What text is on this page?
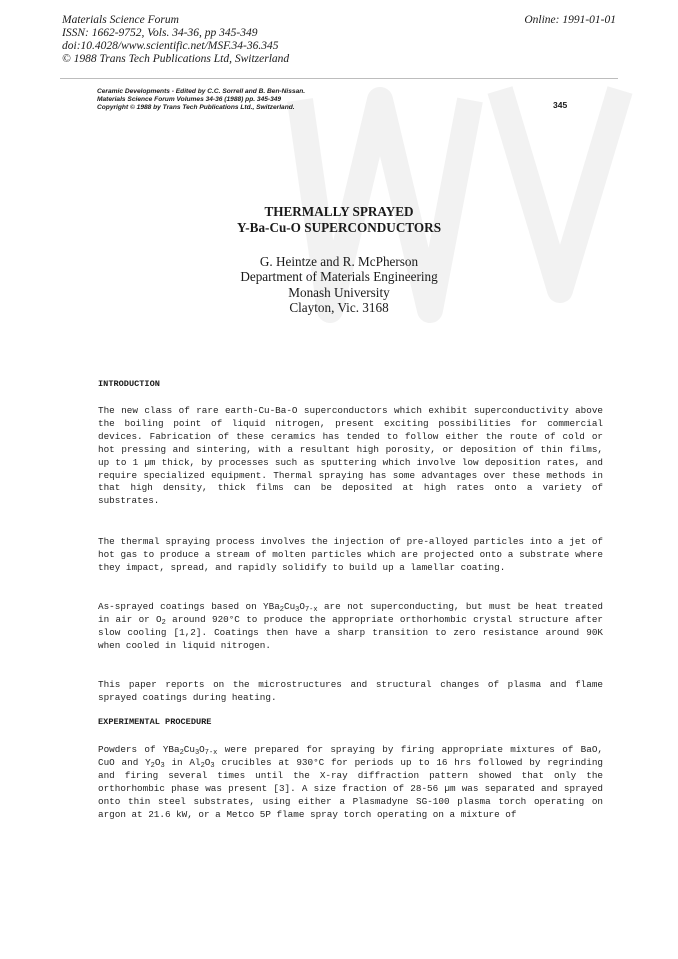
Materials Science Forum
ISSN: 1662-9752, Vols. 34-36, pp 345-349
doi:10.4028/www.scientific.net/MSF.34-36.345
© 1988 Trans Tech Publications Ltd, Switzerland
Online: 1991-01-01
Ceramic Developments - Edited by C.C. Sorrell and B. Ben-Nissan.
Materials Science Forum Volumes 34-36 (1988) pp. 345-349
Copyright © 1988 by Trans Tech Publications Ltd., Switzerland.	345
THERMALLY SPRAYED
Y-Ba-Cu-O SUPERCONDUCTORS
G. Heintze and R. McPherson
Department of Materials Engineering
Monash University
Clayton, Vic. 3168
INTRODUCTION

The new class of rare earth-Cu-Ba-O superconductors which exhibit superconductivity above the boiling point of liquid nitrogen, present exciting possibilities for commercial devices. Fabrication of these ceramics has tended to follow either the route of cold or hot pressing and sintering, with a resultant high porosity, or deposition of thin films, up to 1 µm thick, by processes such as sputtering which involve low deposition rates, and require specialized equipment. Thermal spraying has some advantages over these methods in that high density, thick films can be deposited at high rates onto a variety of substrates.

The thermal spraying process involves the injection of pre-alloyed particles into a jet of hot gas to produce a stream of molten particles which are projected onto a substrate where they impact, spread, and rapidly solidify to build up a lamellar coating.

As-sprayed coatings based on $YBa_2Cu_3O_{7-x}$ are not superconducting, but must be heat treated in air or $O_2$ around 920°C to produce the appropriate orthorhombic crystal structure after slow cooling [1,2]. Coatings then have a sharp transition to zero resistance around 90K when cooled in liquid nitrogen.

This paper reports on the microstructures and structural changes of plasma and flame sprayed coatings during heating.

EXPERIMENTAL PROCEDURE

Powders of $YBa_2Cu_3O_{7-x}$ were prepared for spraying by firing appropriate mixtures of BaO, CuO and $Y_2O_3$ in $Al_2O_3$ crucibles at 930°C for periods up to 16 hrs followed by regrinding and firing several times until the X-ray diffraction pattern showed that only the orthorhombic phase was present [3]. A size fraction of 28-56 µm was separated and sprayed onto thin steel substrates, using either a Plasmadyne SG-100 plasma torch operating on argon at 21.6 kW, or a Metco 5P flame spray torch operating on a mixture of
